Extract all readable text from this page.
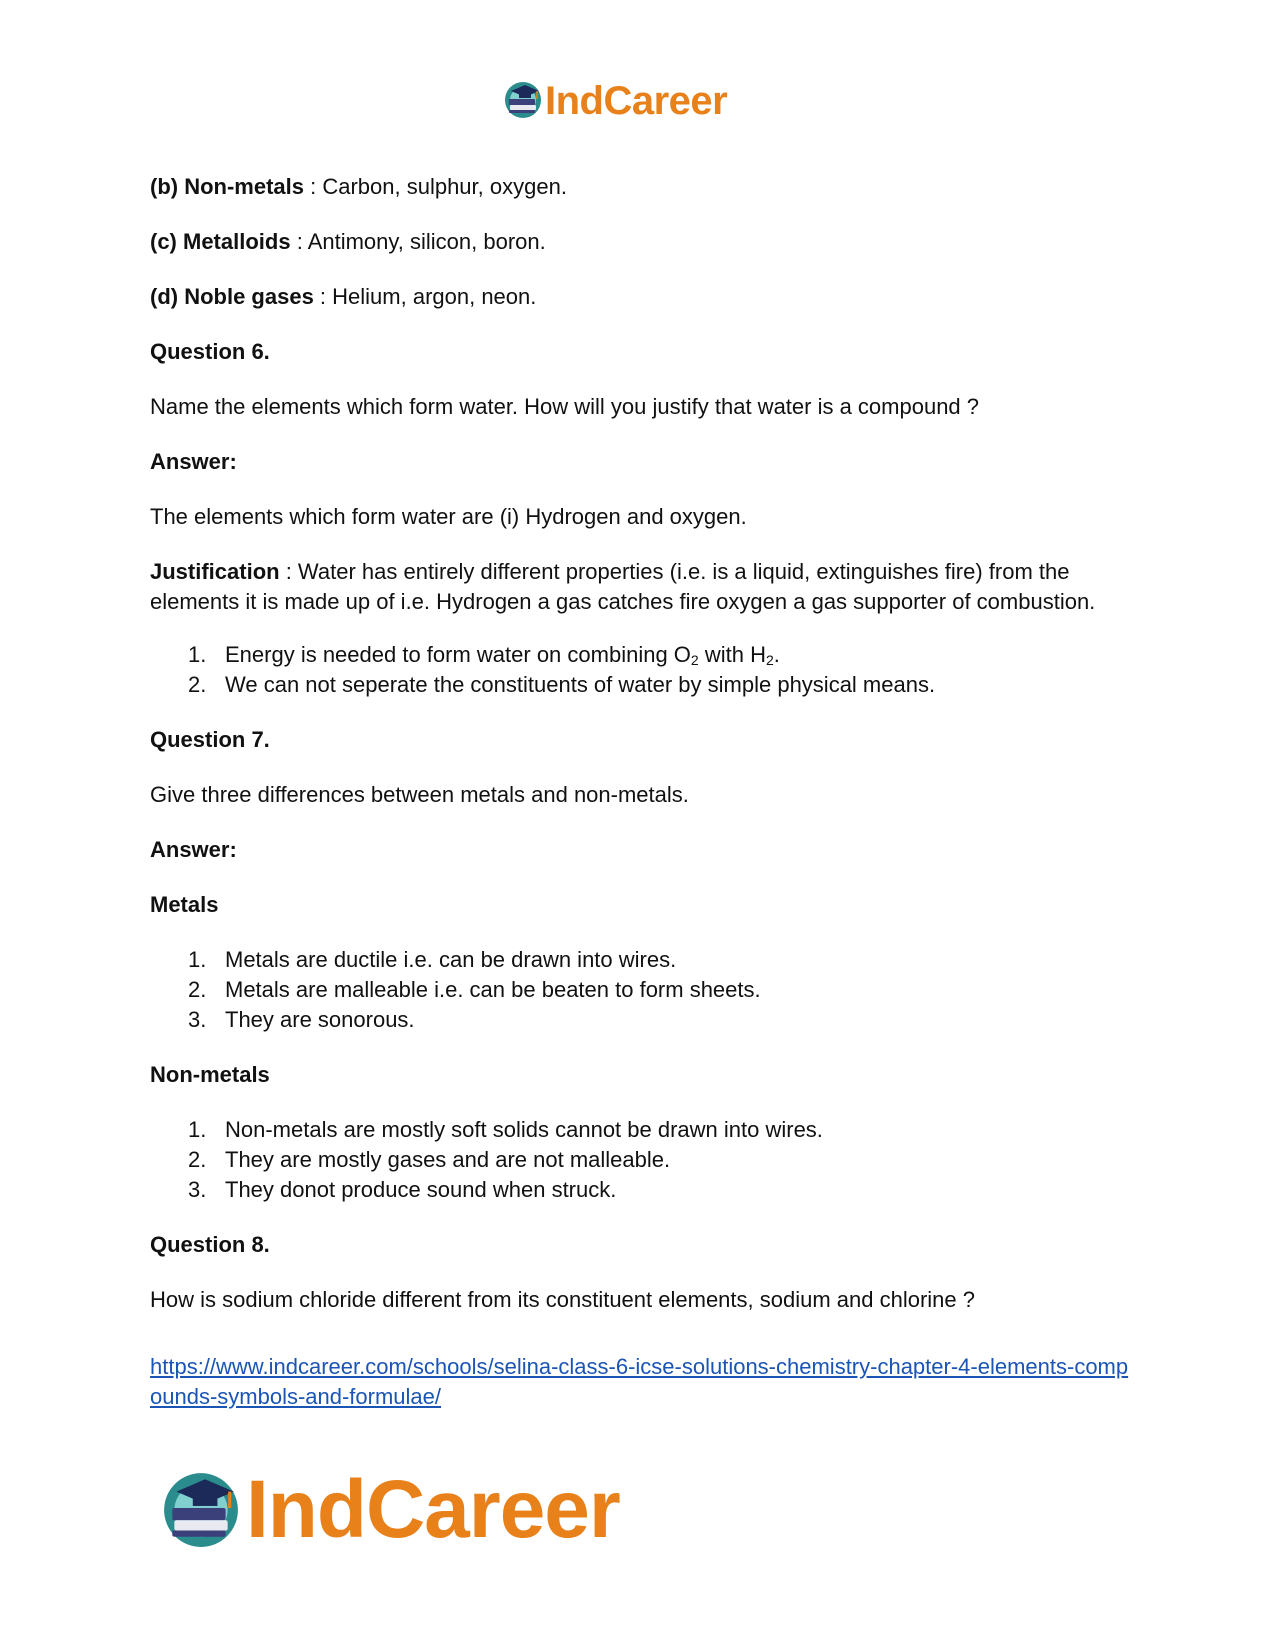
IndCareer

(b) Non-metals : Carbon, sulphur, oxygen.

(c) Metalloids : Antimony, silicon, boron.

(d) Noble gases : Helium, argon, neon.

Question 6.

Name the elements which form water. How will you justify that water is a compound ?

Answer:

The elements which form water are (i) Hydrogen and oxygen.

Justification : Water has entirely different properties (i.e. is a liquid, extinguishes fire) from the elements it is made up of i.e. Hydrogen a gas catches fire oxygen a gas supporter of combustion.

1. Energy is needed to form water on combining $O_2$ with $H_2$.
2. We can not seperate the constituents of water by simple physical means.

Question 7.

Give three differences between metals and non-metals.

Answer:

Metals

1. Metals are ductile i.e. can be drawn into wires.
2. Metals are malleable i.e. can be beaten to form sheets.
3. They are sonorous.

Non-metals

1. Non-metals are mostly soft solids cannot be drawn into wires.
2. They are mostly gases and are not malleable.
3. They donot produce sound when struck.

Question 8.

How is sodium chloride different from its constituent elements, sodium and chlorine ?

https://www.indcareer.com/schools/selina-class-6-icse-solutions-chemistry-chapter-4-elements-compounds-symbols-and-formulae/

IndCareer
